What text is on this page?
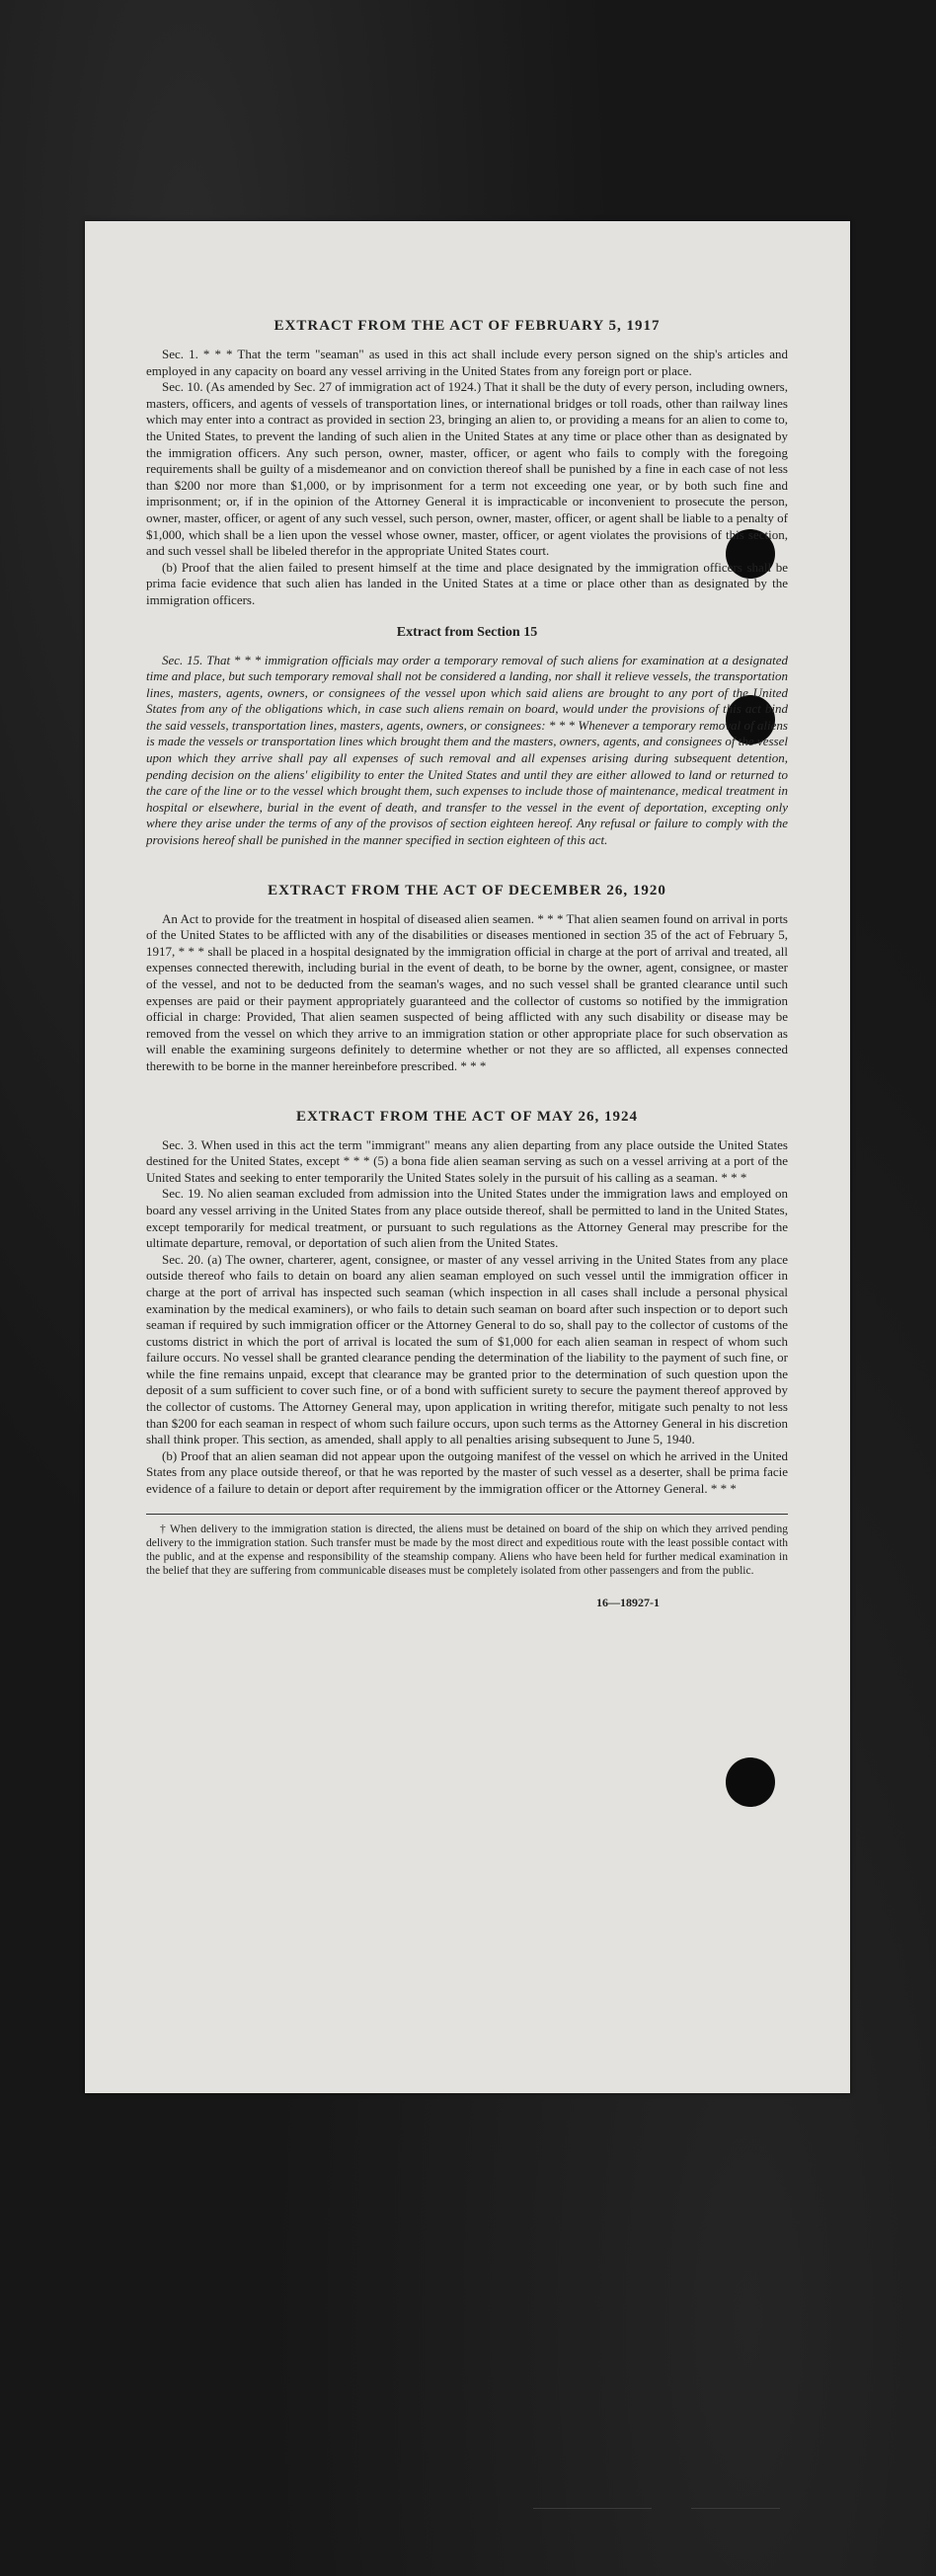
EXTRACT FROM THE ACT OF FEBRUARY 5, 1917

Sec. 1. * * * That the term "seaman" as used in this act shall include every person signed on the ship's articles and employed in any capacity on board any vessel arriving in the United States from any foreign port or place.

Sec. 10. (As amended by Sec. 27 of immigration act of 1924.) That it shall be the duty of every person, including owners, masters, officers, and agents of vessels of transportation lines, or international bridges or toll roads, other than railway lines which may enter into a contract as provided in section 23, bringing an alien to, or providing a means for an alien to come to, the United States, to prevent the landing of such alien in the United States at any time or place other than as designated by the immigration officers. Any such person, owner, master, officer, or agent who fails to comply with the foregoing requirements shall be guilty of a misdemeanor and on conviction thereof shall be punished by a fine in each case of not less than $200 nor more than $1,000, or by imprisonment for a term not exceeding one year, or by both such fine and imprisonment; or, if in the opinion of the Attorney General it is impracticable or inconvenient to prosecute the person, owner, master, officer, or agent of any such vessel, such person, owner, master, officer, or agent shall be liable to a penalty of $1,000, which shall be a lien upon the vessel whose owner, master, officer, or agent violates the provisions of this section, and such vessel shall be libeled therefor in the appropriate United States court.

(b) Proof that the alien failed to present himself at the time and place designated by the immigration officers shall be prima facie evidence that such alien has landed in the United States at a time or place other than as designated by the immigration officers.

Extract from Section 15

Sec. 15. That * * * immigration officials may order a temporary removal of such aliens for examination at a designated time and place, but such temporary removal shall not be considered a landing, nor shall it relieve vessels, the transportation lines, masters, agents, owners, or consignees of the vessel upon which said aliens are brought to any port of the United States from any of the obligations which, in case such aliens remain on board, would under the provisions of this act bind the said vessels, transportation lines, masters, agents, owners, or consignees: * * * Whenever a temporary removal of aliens is made the vessels or transportation lines which brought them and the masters, owners, agents, and consignees of the vessel upon which they arrive shall pay all expenses of such removal and all expenses arising during subsequent detention, pending decision on the aliens' eligibility to enter the United States and until they are either allowed to land or returned to the care of the line or to the vessel which brought them, such expenses to include those of maintenance, medical treatment in hospital or elsewhere, burial in the event of death, and transfer to the vessel in the event of deportation, excepting only where they arise under the terms of any of the provisos of section eighteen hereof. Any refusal or failure to comply with the provisions hereof shall be punished in the manner specified in section eighteen of this act.

EXTRACT FROM THE ACT OF DECEMBER 26, 1920

An Act to provide for the treatment in hospital of diseased alien seamen. * * * That alien seamen found on arrival in ports of the United States to be afflicted with any of the disabilities or diseases mentioned in section 35 of the act of February 5, 1917, * * * shall be placed in a hospital designated by the immigration official in charge at the port of arrival and treated, all expenses connected therewith, including burial in the event of death, to be borne by the owner, agent, consignee, or master of the vessel, and not to be deducted from the seaman's wages, and no such vessel shall be granted clearance until such expenses are paid or their payment appropriately guaranteed and the collector of customs so notified by the immigration official in charge: Provided, That alien seamen suspected of being afflicted with any such disability or disease may be removed from the vessel on which they arrive to an immigration station or other appropriate place for such observation as will enable the examining surgeons definitely to determine whether or not they are so afflicted, all expenses connected therewith to be borne in the manner hereinbefore prescribed. * * *

EXTRACT FROM THE ACT OF MAY 26, 1924

Sec. 3. When used in this act the term "immigrant" means any alien departing from any place outside the United States destined for the United States, except * * * (5) a bona fide alien seaman serving as such on a vessel arriving at a port of the United States and seeking to enter temporarily the United States solely in the pursuit of his calling as a seaman. * * *

Sec. 19. No alien seaman excluded from admission into the United States under the immigration laws and employed on board any vessel arriving in the United States from any place outside thereof, shall be permitted to land in the United States, except temporarily for medical treatment, or pursuant to such regulations as the Attorney General may prescribe for the ultimate departure, removal, or deportation of such alien from the United States.

Sec. 20. (a) The owner, charterer, agent, consignee, or master of any vessel arriving in the United States from any place outside thereof who fails to detain on board any alien seaman employed on such vessel until the immigration officer in charge at the port of arrival has inspected such seaman (which inspection in all cases shall include a personal physical examination by the medical examiners), or who fails to detain such seaman on board after such inspection or to deport such seaman if required by such immigration officer or the Attorney General to do so, shall pay to the collector of customs of the customs district in which the port of arrival is located the sum of $1,000 for each alien seaman in respect of whom such failure occurs. No vessel shall be granted clearance pending the determination of the liability to the payment of such fine, or while the fine remains unpaid, except that clearance may be granted prior to the determination of such question upon the deposit of a sum sufficient to cover such fine, or of a bond with sufficient surety to secure the payment thereof approved by the collector of customs. The Attorney General may, upon application in writing therefor, mitigate such penalty to not less than $200 for each seaman in respect of whom such failure occurs, upon such terms as the Attorney General in his discretion shall think proper. This section, as amended, shall apply to all penalties arising subsequent to June 5, 1940.

(b) Proof that an alien seaman did not appear upon the outgoing manifest of the vessel on which he arrived in the United States from any place outside thereof, or that he was reported by the master of such vessel as a deserter, shall be prima facie evidence of a failure to detain or deport after requirement by the immigration officer or the Attorney General. * * *

† When delivery to the immigration station is directed, the aliens must be detained on board of the ship on which they arrived pending delivery to the immigration station. Such transfer must be made by the most direct and expeditious route with the least possible contact with the public, and at the expense and responsibility of the steamship company. Aliens who have been held for further medical examination in the belief that they are suffering from communicable diseases must be completely isolated from other passengers and from the public.

16—18927-1
